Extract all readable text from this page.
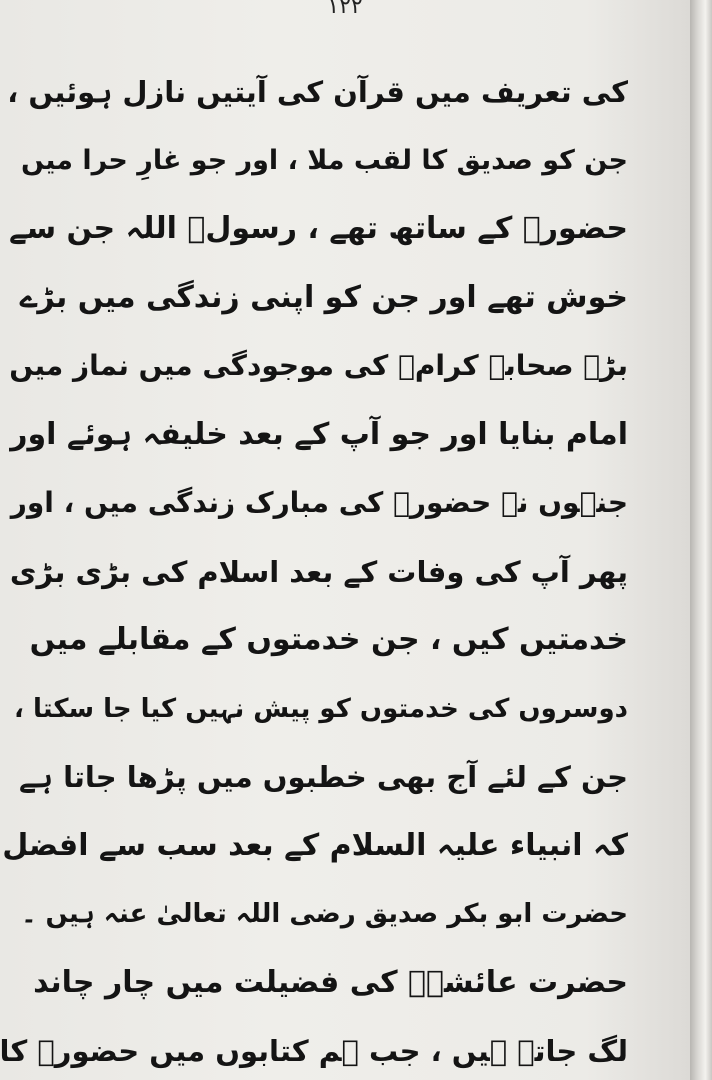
۱۲۲
کی تعریف میں قرآن کی آیتیں نازل ہوئیں ،
جن کو صدیق کا لقب ملا ، اور جو غارِ حرا میں
حضورؐ کے ساتھ تھے ، رسولؐ اللہ جن سے
خوش تھے اور جن کو اپنی زندگی میں بڑے
بڑے صحابہ کرامؓ کی موجودگی میں نماز میں
امام بنایا اور جو آپ کے بعد خلیفہ ہوئے اور
جنہوں نے حضورؐ کی مبارک زندگی میں ، اور
پھر آپ کی وفات کے بعد اسلام کی بڑی بڑی
خدمتیں کیں ، جن خدمتوں کے مقابلے میں
دوسروں کی خدمتوں کو پیش نہیں کیا جا سکتا ،
جن کے لئے آج بھی خطبوں میں پڑھا جاتا ہے
کہ انبیاء علیہ السلام کے بعد سب سے افضل
حضرت ابو بکر صدیق رضی اللہ تعالیٰ عنہ ہیں ۔
حضرت عائشہؓ کی فضیلت میں چار چاند
لگ جاتے ہیں ، جب ہم کتابوں میں حضورؐ کا
